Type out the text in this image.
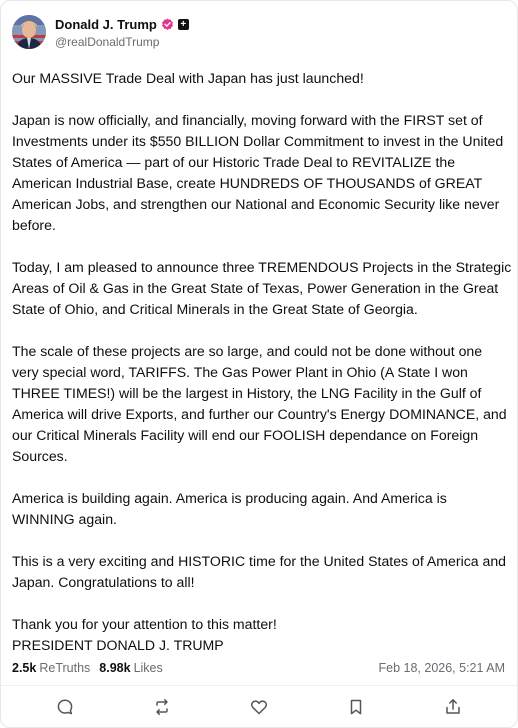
Donald J. Trump +
@realDonaldTrump

Our MASSIVE Trade Deal with Japan has just launched!

Japan is now officially, and financially, moving forward with the FIRST set of Investments under its $550 BILLION Dollar Commitment to invest in the United States of America — part of our Historic Trade Deal to REVITALIZE the American Industrial Base, create HUNDREDS OF THOUSANDS of GREAT American Jobs, and strengthen our National and Economic Security like never before.

Today, I am pleased to announce three TREMENDOUS Projects in the Strategic Areas of Oil & Gas in the Great State of Texas, Power Generation in the Great State of Ohio, and Critical Minerals in the Great State of Georgia.

The scale of these projects are so large, and could not be done without one very special word, TARIFFS. The Gas Power Plant in Ohio (A State I won THREE TIMES!) will be the largest in History, the LNG Facility in the Gulf of America will drive Exports, and further our Country's Energy DOMINANCE, and our Critical Minerals Facility will end our FOOLISH dependance on Foreign Sources.

America is building again. America is producing again. And America is WINNING again.

This is a very exciting and HISTORIC time for the United States of America and Japan. Congratulations to all!

Thank you for your attention to this matter!
PRESIDENT DONALD J. TRUMP

2.5k ReTruths 8.98k Likes	Feb 18, 2026, 5:21 AM
